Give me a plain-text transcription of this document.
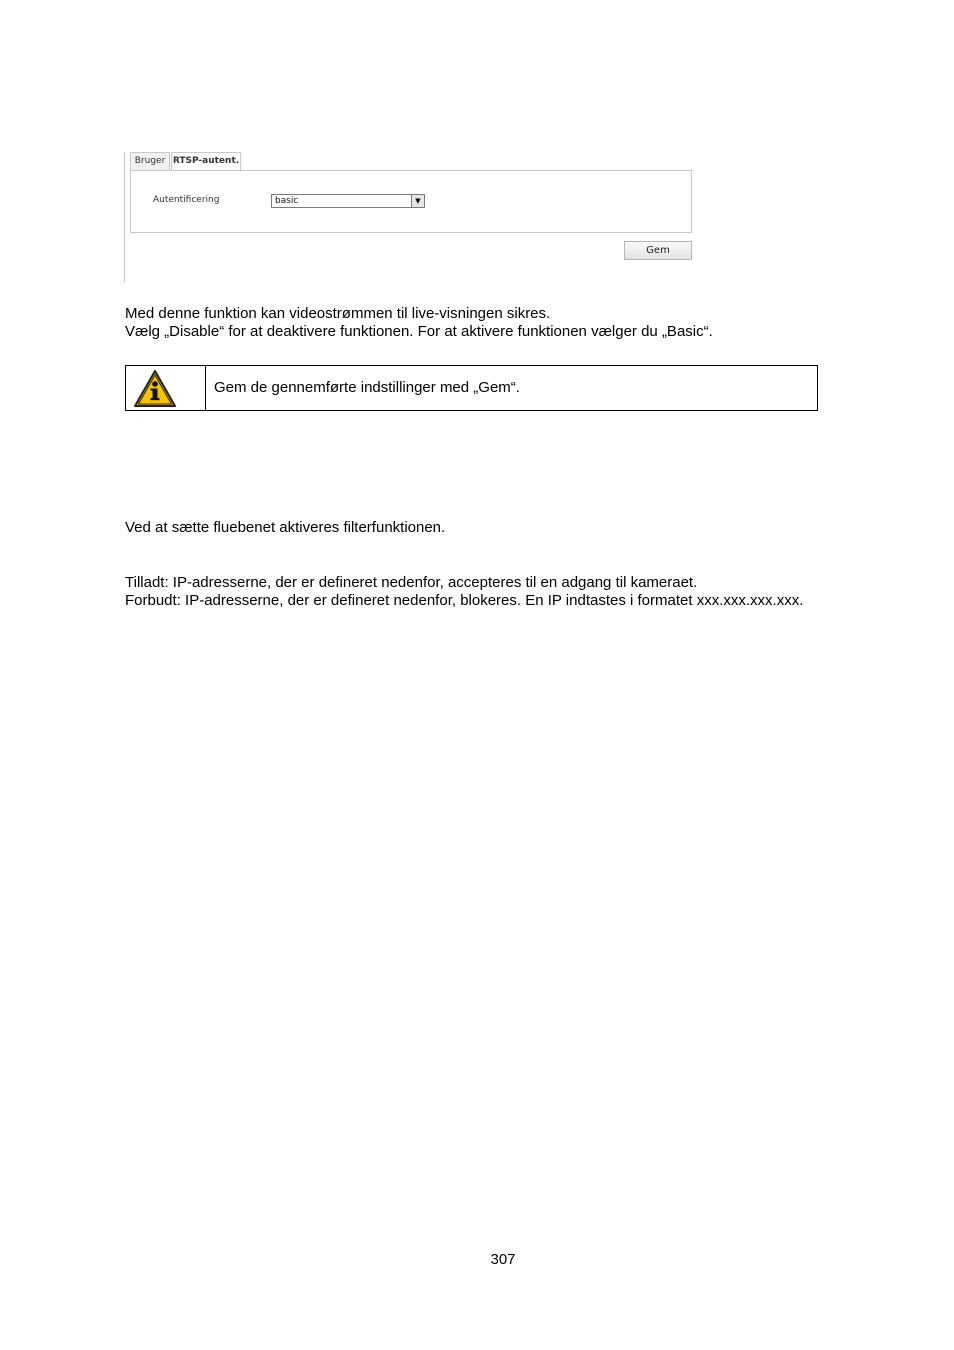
Bruger RTSP-autent.
Autentificering	basic	▼
Gem
Med denne funktion kan videostrømmen til live-visningen sikres.
Vælg „Disable“ for at deaktivere funktionen. For at aktivere funktionen vælger du „Basic“.
Gem de gennemførte indstillinger med „Gem“.
Ved at sætte fluebenet aktiveres filterfunktionen.
Tilladt: IP-adresserne, der er defineret nedenfor, accepteres til en adgang til kameraet.
Forbudt: IP-adresserne, der er defineret nedenfor, blokeres. En IP indtastes i formatet xxx.xxx.xxx.xxx.
307
